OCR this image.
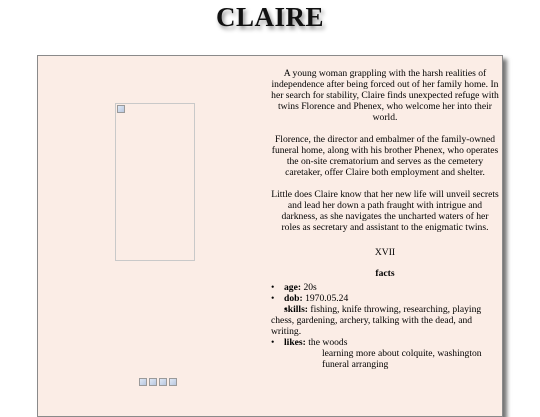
CLAIRE

A young woman grappling with the harsh realities of independence after being forced out of her family home. In her search for stability, Claire finds unexpected refuge with twins Florence and Phenex, who welcome her into their world.

Florence, the director and embalmer of the family-owned funeral home, along with his brother Phenex, who operates the on-site crematorium and serves as the cemetery caretaker, offer Claire both employment and shelter.

Little does Claire know that her new life will unveil secrets and lead her down a path fraught with intrigue and darkness, as she navigates the uncharted waters of her roles as secretary and assistant to the enigmatic twins.

XVII
facts
• age: 20s
• dob: 1970.05.24
• skills: fishing, knife throwing, researching, playing chess, gardening, archery, talking with the dead, and writing.
• likes: the woods
learning more about colquite, washington
funeral arranging
